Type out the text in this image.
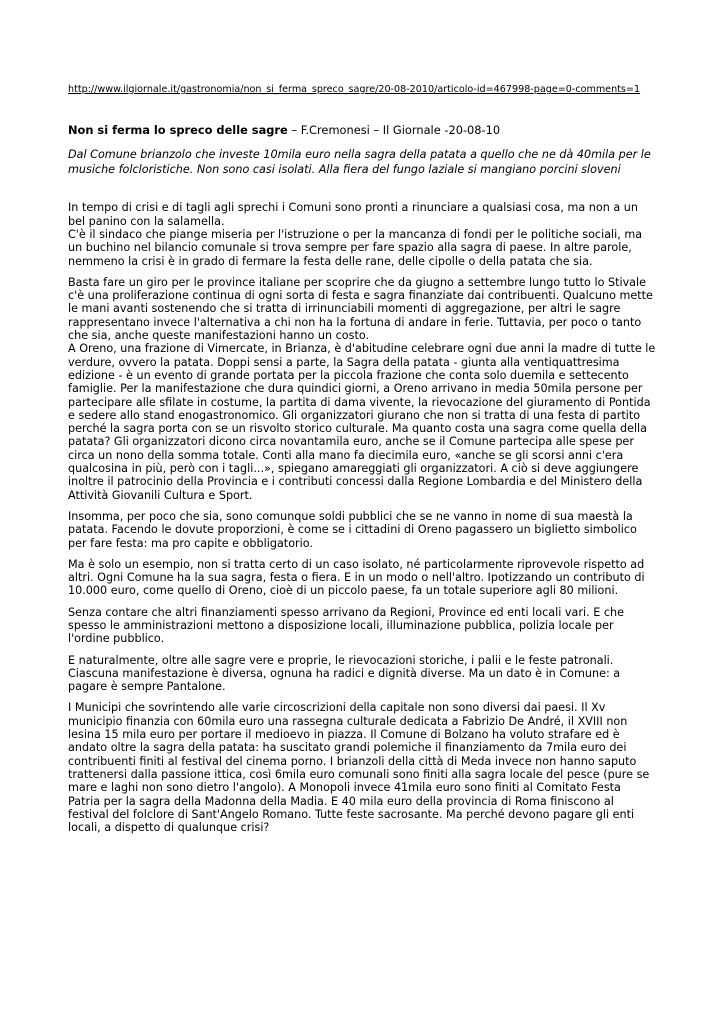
http://www.ilgiornale.it/gastronomia/non_si_ferma_spreco_sagre/20-08-2010/articolo-id=467998-page=0-comments=1
Non si ferma lo spreco delle sagre – F.Cremonesi – Il Giornale -20-08-10
Dal Comune brianzolo che investe 10mila euro nella sagra della patata a quello che ne dà 40mila per le musiche folcloristiche. Non sono casi isolati. Alla fiera del fungo laziale si mangiano porcini sloveni

In tempo di crisi e di tagli agli sprechi i Comuni sono pronti a rinunciare a qualsiasi cosa, ma non a un bel panino con la salamella.

C'è il sindaco che piange miseria per l'istruzione o per la mancanza di fondi per le politiche sociali, ma un buchino nel bilancio comunale si trova sempre per fare spazio alla sagra di paese. In altre parole, nemmeno la crisi è in grado di fermare la festa delle rane, delle cipolle o della patata che sia.

Basta fare un giro per le province italiane per scoprire che da giugno a settembre lungo tutto lo Stivale c'è una proliferazione continua di ogni sorta di festa e sagra finanziate dai contribuenti. Qualcuno mette le mani avanti sostenendo che si tratta di irrinunciabili momenti di aggregazione, per altri le sagre rappresentano invece l'alternativa a chi non ha la fortuna di andare in ferie. Tuttavia, per poco o tanto che sia, anche queste manifestazioni hanno un costo.

A Oreno, una frazione di Vimercate, in Brianza, è d'abitudine celebrare ogni due anni la madre di tutte le verdure, ovvero la patata. Doppi sensi a parte, la Sagra della patata - giunta alla ventiquattresima edizione - è un evento di grande portata per la piccola frazione che conta solo duemila e settecento famiglie. Per la manifestazione che dura quindici giorni, a Oreno arrivano in media 50mila persone per partecipare alle sfilate in costume, la partita di dama vivente, la rievocazione del giuramento di Pontida e sedere allo stand enogastronomico. Gli organizzatori giurano che non si tratta di una festa di partito perché la sagra porta con se un risvolto storico culturale. Ma quanto costa una sagra come quella della patata? Gli organizzatori dicono circa novantamila euro, anche se il Comune partecipa alle spese per circa un nono della somma totale. Conti alla mano fa diecimila euro, «anche se gli scorsi anni c'era qualcosina in più, però con i tagli...», spiegano amareggiati gli organizzatori. A ciò si deve aggiungere inoltre il patrocinio della Provincia e i contributi concessi dalla Regione Lombardia e del Ministero della Attività Giovanili Cultura e Sport.

Insomma, per poco che sia, sono comunque soldi pubblici che se ne vanno in nome di sua maestà la patata. Facendo le dovute proporzioni, è come se i cittadini di Oreno pagassero un biglietto simbolico per fare festa: ma pro capite e obbligatorio.

Ma è solo un esempio, non si tratta certo di un caso isolato, né particolarmente riprovevole rispetto ad altri. Ogni Comune ha la sua sagra, festa o fiera. E in un modo o nell'altro. Ipotizzando un contributo di 10.000 euro, come quello di Oreno, cioè di un piccolo paese, fa un totale superiore agli 80 milioni.

Senza contare che altri finanziamenti spesso arrivano da Regioni, Province ed enti locali vari. E che spesso le amministrazioni mettono a disposizione locali, illuminazione pubblica, polizia locale per l'ordine pubblico.

E naturalmente, oltre alle sagre vere e proprie, le rievocazioni storiche, i palii e le feste patronali. Ciascuna manifestazione è diversa, ognuna ha radici e dignità diverse. Ma un dato è in Comune: a pagare è sempre Pantalone.

I Municipi che sovrintendo alle varie circoscrizioni della capitale non sono diversi dai paesi. Il Xv municipio finanzia con 60mila euro una rassegna culturale dedicata a Fabrizio De André, il XVIII non lesina 15 mila euro per portare il medioevo in piazza. Il Comune di Bolzano ha voluto strafare ed è andato oltre la sagra della patata: ha suscitato grandi polemiche il finanziamento da 7mila euro dei contribuenti finiti al festival del cinema porno. I brianzoli della città di Meda invece non hanno saputo trattenersi dalla passione ittica, così 6mila euro comunali sono finiti alla sagra locale del pesce (pure se mare e laghi non sono dietro l'angolo). A Monopoli invece 41mila euro sono finiti al Comitato Festa Patria per la sagra della Madonna della Madia. E 40 mila euro della provincia di Roma finiscono al festival del folclore di Sant'Angelo Romano. Tutte feste sacrosante. Ma perché devono pagare gli enti locali, a dispetto di qualunque crisi?
